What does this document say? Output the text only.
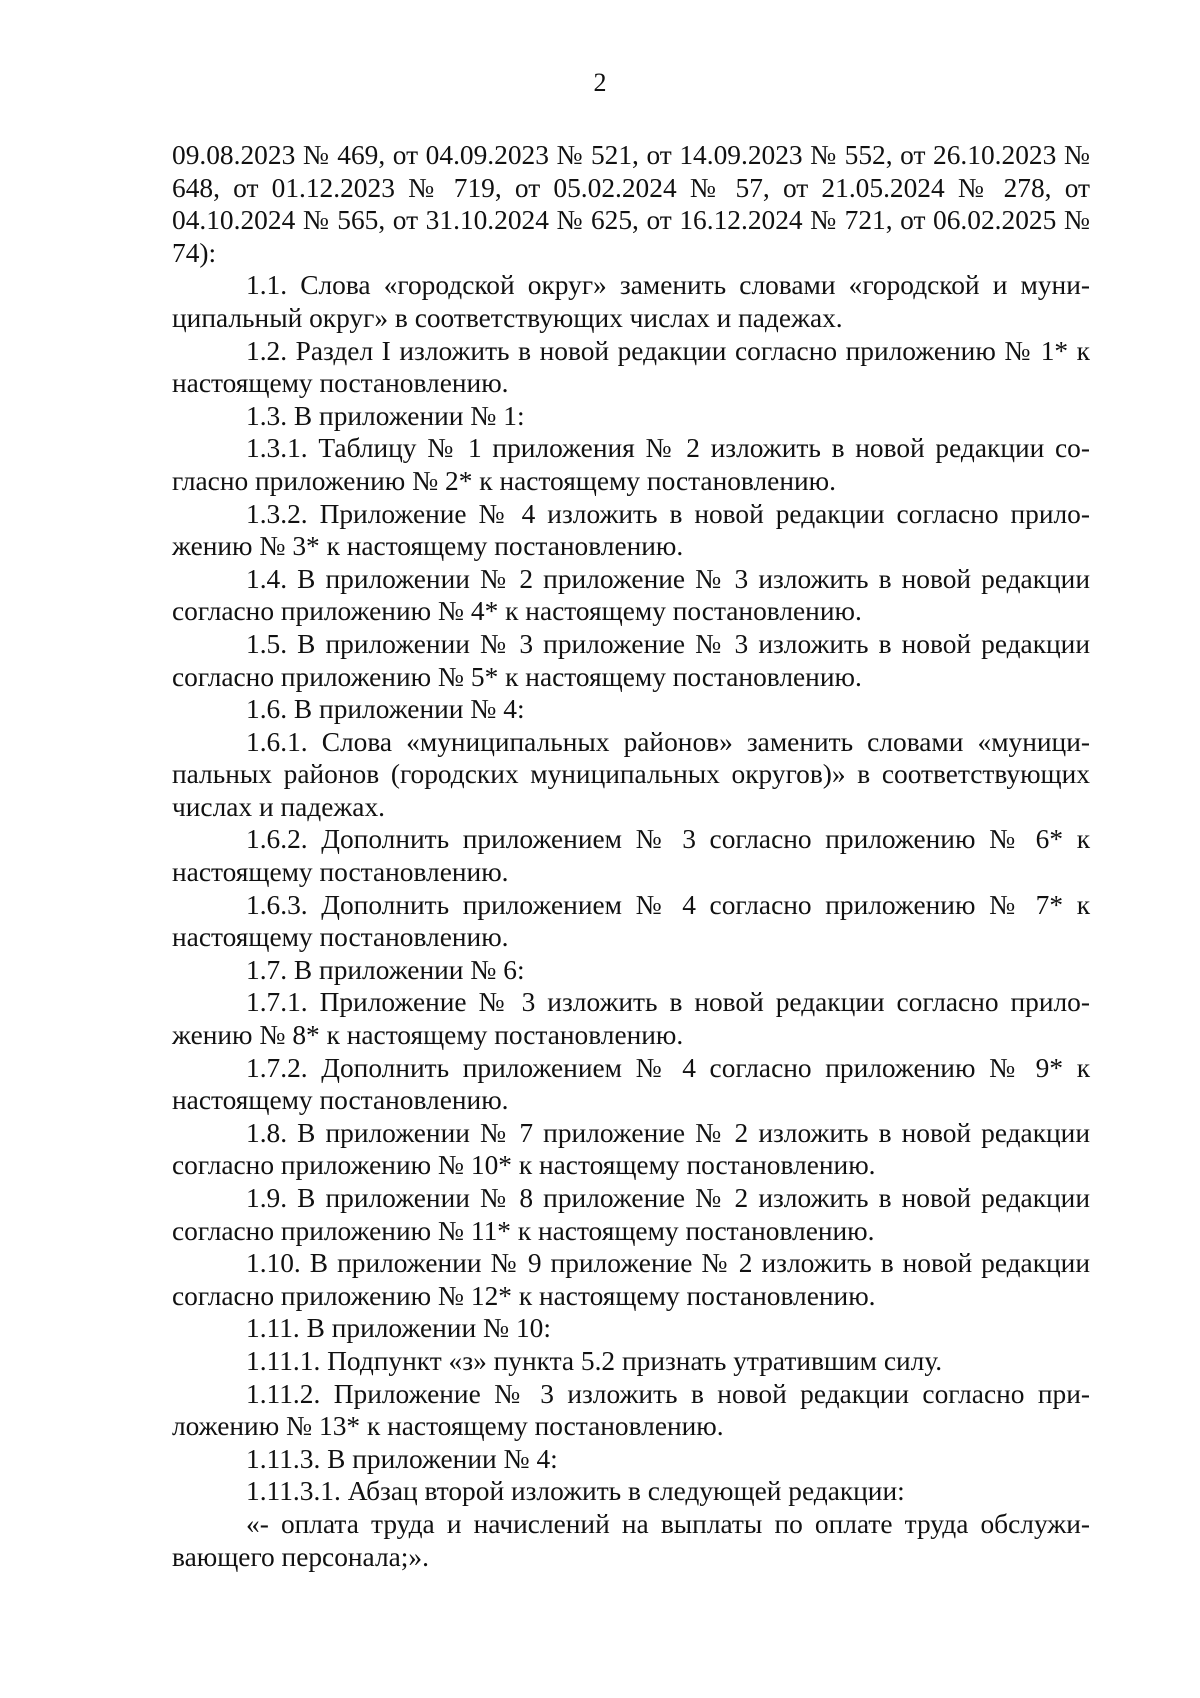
2

09.08.2023 № 469, от 04.09.2023 № 521, от 14.09.2023 № 552, от 26.10.2023 № 648, от 01.12.2023 № 719, от 05.02.2024 № 57, от 21.05.2024 № 278, от 04.10.2024 № 565, от 31.10.2024 № 625, от 16.12.2024 № 721, от 06.02.2025 № 74):

1.1. Слова «городской округ» заменить словами «городской и муниципальный округ» в соответствующих числах и падежах.

1.2. Раздел I изложить в новой редакции согласно приложению № 1* к настоящему постановлению.

1.3. В приложении № 1:

1.3.1. Таблицу № 1 приложения № 2 изложить в новой редакции согласно приложению № 2* к настоящему постановлению.

1.3.2. Приложение № 4 изложить в новой редакции согласно приложению № 3* к настоящему постановлению.

1.4. В приложении № 2 приложение № 3 изложить в новой редакции согласно приложению № 4* к настоящему постановлению.

1.5. В приложении № 3 приложение № 3 изложить в новой редакции согласно приложению № 5* к настоящему постановлению.

1.6. В приложении № 4:

1.6.1. Слова «муниципальных районов» заменить словами «муниципальных районов (городских муниципальных округов)» в соответствующих числах и падежах.

1.6.2. Дополнить приложением № 3 согласно приложению № 6* к настоящему постановлению.

1.6.3. Дополнить приложением № 4 согласно приложению № 7* к настоящему постановлению.

1.7. В приложении № 6:

1.7.1. Приложение № 3 изложить в новой редакции согласно приложению № 8* к настоящему постановлению.

1.7.2. Дополнить приложением № 4 согласно приложению № 9* к настоящему постановлению.

1.8. В приложении № 7 приложение № 2 изложить в новой редакции согласно приложению № 10* к настоящему постановлению.

1.9. В приложении № 8 приложение № 2 изложить в новой редакции согласно приложению № 11* к настоящему постановлению.

1.10. В приложении № 9 приложение № 2 изложить в новой редакции согласно приложению № 12* к настоящему постановлению.

1.11. В приложении № 10:

1.11.1. Подпункт «з» пункта 5.2 признать утратившим силу.

1.11.2. Приложение № 3 изложить в новой редакции согласно приложению № 13* к настоящему постановлению.

1.11.3. В приложении № 4:

1.11.3.1. Абзац второй изложить в следующей редакции:

«- оплата труда и начислений на выплаты по оплате труда обслуживающего персонала;».
